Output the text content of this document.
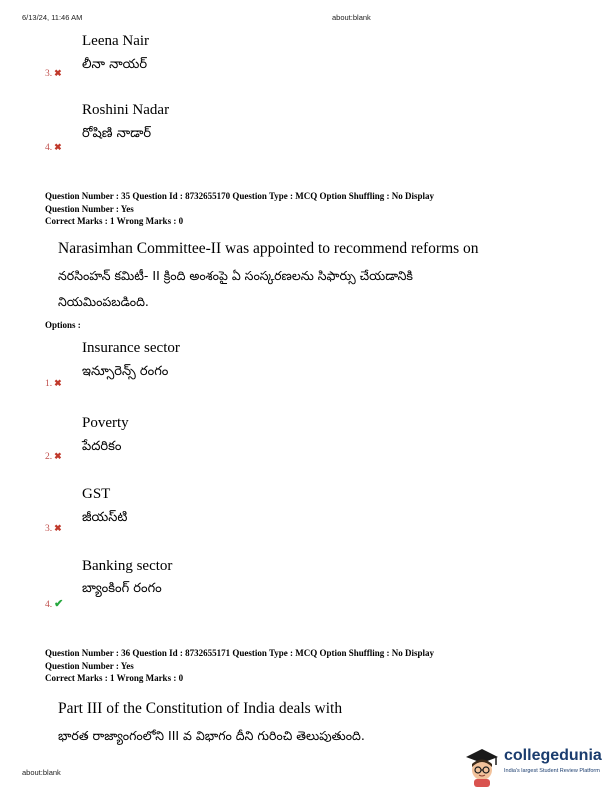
6/13/24, 11:46 AM	about:blank
Leena Nair
లీనా నాయర్
3. ✖
Roshini Nadar
రోషిణి నాడార్
4. ✖
Question Number : 35 Question Id : 8732655170 Question Type : MCQ Option Shuffling : No Display
Question Number : Yes
Correct Marks : 1 Wrong Marks : 0
Narasimhan Committee-II was appointed to recommend reforms on
నరసింహన్ కమిటీ- II క్రింది అంశంపై ఏ సంస్కరణలను సిఫార్సు చేయడానికి
నియమింపబడింది.
Options :
Insurance sector
ఇన్సూరెన్స్ రంగం
1. ✖
Poverty
పేదరికం
2. ✖
GST
జీయస్‌టి
3. ✖
Banking sector
బ్యాంకింగ్ రంగం
4. ✔
Question Number : 36 Question Id : 8732655171 Question Type : MCQ Option Shuffling : No Display
Question Number : Yes
Correct Marks : 1 Wrong Marks : 0
Part III of the Constitution of India deals with
భారత రాజ్యాంగంలోని III వ విభాగం దీని గురించి తెలుపుతుంది.
about:blank
collegedunia
India's largest Student Review Platform
